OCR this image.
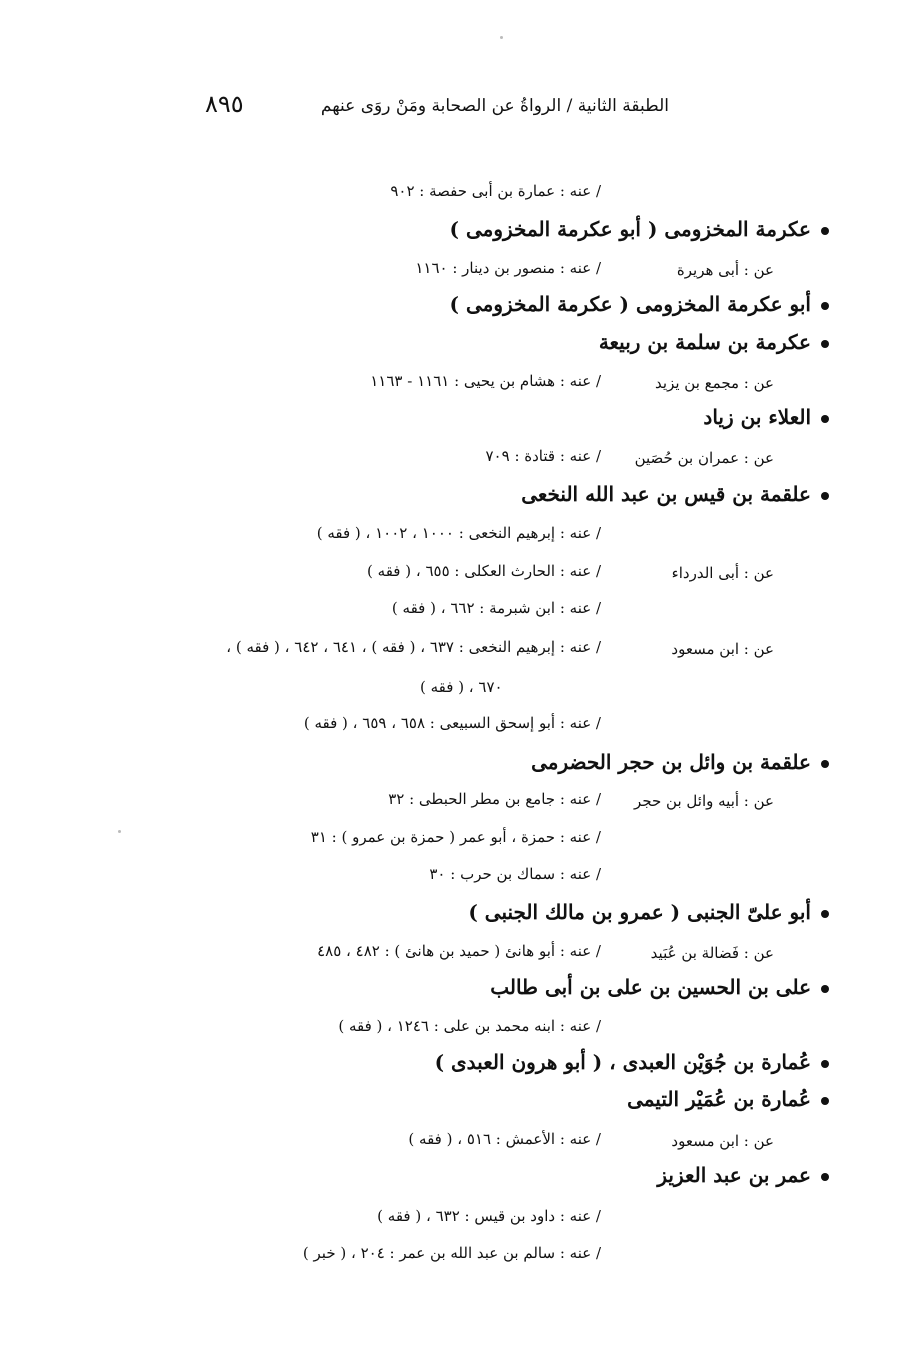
الطبقة الثانية / الرواةُ عن الصحابة ومَنْ روَى عنهم
٨٩٥
/ عنه : عمارة بن أبى حفصة : ٩٠٢
عكرمة المخزومى ( أبو عكرمة المخزومى )
عن : أبى هريرة
/ عنه : منصور بن دينار : ١١٦٠
أبو عكرمة المخزومى ( عكرمة المخزومى )
عكرمة بن سلمة بن ربيعة
عن : مجمع بن يزيد
/ عنه : هشام بن يحيى : ١١٦١ - ١١٦٣
العلاء بن زياد
عن : عمران بن حُصَين
/ عنه : قتادة : ٧٠٩
علقمة بن قيس بن عبد الله النخعى
/ عنه : إبرهيم النخعى : ١٠٠٠ ، ١٠٠٢ ، ( فقه )
عن : أبى الدرداء
/ عنه : الحارث العكلى : ٦٥٥ ، ( فقه )
/ عنه : ابن شبرمة : ٦٦٢ ، ( فقه )
عن : ابن مسعود
/ عنه : إبرهيم النخعى : ٦٣٧ ، ( فقه ) ، ٦٤١ ، ٦٤٢ ، ( فقه ) ،
٦٧٠ ، ( فقه )
/ عنه : أبو إسحق السبيعى : ٦٥٨ ، ٦٥٩ ، ( فقه )
علقمة بن وائل بن حجر الحضرمى
عن : أبيه وائل بن حجر
/ عنه : جامع بن مطر الحبطى : ٣٢
/ عنه : حمزة ، أبو عمر ( حمزة بن عمرو ) : ٣١
/ عنه : سماك بن حرب : ٣٠
أبو علىّ الجنبى ( عمرو بن مالك الجنبى )
عن : فَضالة بن عُبَيد
/ عنه : أبو هانئ ( حميد بن هانئ ) : ٤٨٢ ، ٤٨٥
على بن الحسين بن على بن أبى طالب
/ عنه : ابنه محمد بن على : ١٢٤٦ ، ( فقه )
عُمارة بن جُوَيْن العبدى ، ( أبو هرون العبدى )
عُمارة بن عُمَيْر التيمى
عن : ابن مسعود
/ عنه : الأعمش : ٥١٦ ، ( فقه )
عمر بن عبد العزيز
/ عنه : داود بن قيس : ٦٣٢ ، ( فقه )
/ عنه : سالم بن عبد الله بن عمر : ٢٠٤ ، ( خبر )
